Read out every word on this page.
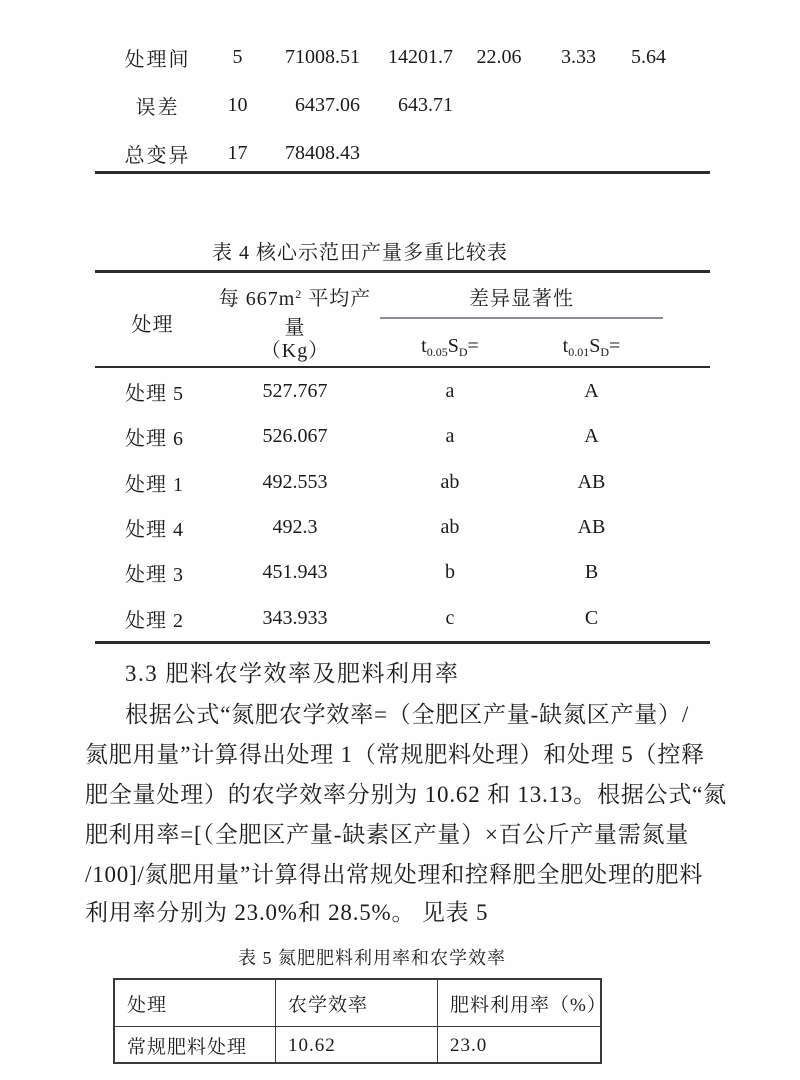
处理间	5	71008.51	14201.7	22.06	3.33	5.64
误差	10	6437.06	643.71
总变异	17	78408.43
表 4 核心示范田产量多重比较表
处理
每 $667m^2$ 平均产量
（Kg）
差异显著性
$t_{0.05}S_D=$	$t_{0.01}S_D=$
处理 5	527.767	a	A
处理 6	526.067	a	A
处理 1	492.553	ab	AB
处理 4	492.3	ab	AB
处理 3	451.943	b	B
处理 2	343.933	c	C
3.3 肥料农学效率及肥料利用率
根据公式“氮肥农学效率=（全肥区产量-缺氮区产量）/
氮肥用量”计算得出处理 1（常规肥料处理）和处理 5（控释
肥全量处理）的农学效率分别为 10.62 和 13.13。根据公式“氮
肥利用率=[（全肥区产量-缺素区产量）×百公斤产量需氮量
/100]/氮肥用量”计算得出常规处理和控释肥全肥处理的肥料
利用率分别为 23.0%和 28.5%。 见表 5
表 5 氮肥肥料利用率和农学效率
处理	农学效率	肥料利用率（%）
常规肥料处理	10.62	23.0
